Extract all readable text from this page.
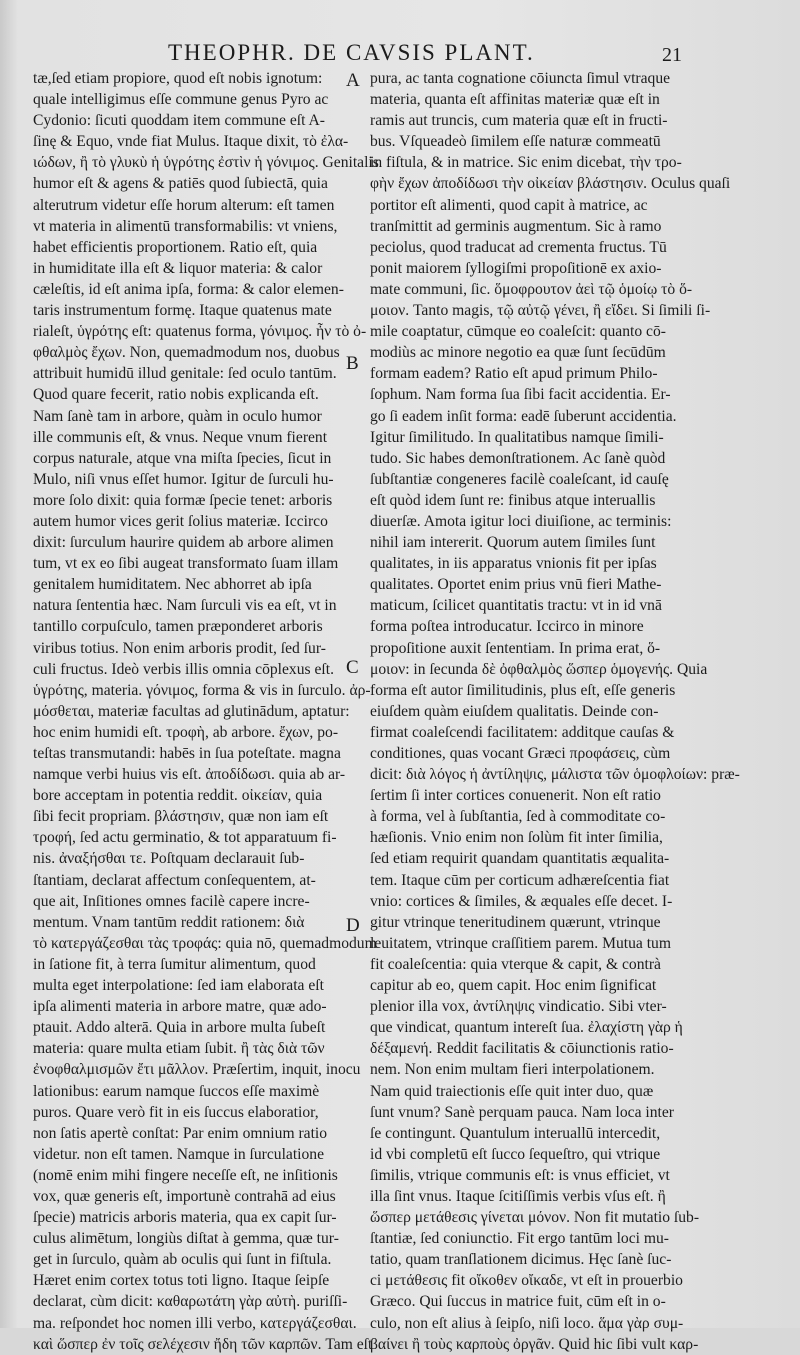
THEOPHR. DE CAVSIS PLANT.	21
tæ,ſed etiam propiore, quod eſt nobis ignotum:
quale intelligimus eſſe commune genus Pyro ac
Cydonio: ſicuti quoddam item commune eſt A-
ſinę & Equo, vnde fiat Mulus. Itaque dixit, τὸ ἐλα-
ιώδων, ἢ τὸ γλυκὺ ἡ ὑγρότης ἐστὶν ἡ γόνιμος. Genitalis
humor eſt & agens & patiēs quod ſubiectā, quia
alterutrum videtur eſſe horum alterum: eſt tamen
vt materia in alimentū transformabilis: vt vniens,
habet efficientis proportionem. Ratio eſt, quia
in humiditate illa eſt & liquor materia: & calor
cæleſtis, id eſt anima ipſa, forma: & calor elemen-
taris instrumentum formę. Itaque quatenus mate
rialeſt, ὑγρότης eſt: quatenus forma, γόνιμος. ἦν τὸ ὀ-
φθαλμὸς ἔχων. Non, quemadmodum nos, duobus
attribuit humidū illud genitale: ſed oculo tantūm.
Quod quare fecerit, ratio nobis explicanda eſt.
Nam ſanè tam in arbore, quàm in oculo humor
ille communis eſt, & vnus. Neque vnum fierent
corpus naturale, atque vna miſta ſpecies, ſicut in
Mulo, niſi vnus eſſet humor. Igitur de ſurculi hu-
more ſolo dixit: quia formæ ſpecie tenet: arboris
autem humor vices gerit ſolius materiæ. Iccirco
dixit: ſurculum haurire quidem ab arbore alimen
tum, vt ex eo ſibi augeat transformato ſuam illam
genitalem humiditatem. Nec abhorret ab ipſa
natura ſententia hæc. Nam ſurculi vis ea eſt, vt in
tantillo corpuſculo, tamen præponderet arboris
viribus totius. Non enim arboris prodit, ſed ſur-
culi fructus. Ideò verbis illis omnia cōplexus eſt.
ὑγρότης, materia. γόνιμος, forma & vis in ſurculo. ἀρ-
μόσθεται, materiæ facultas ad glutinādum, aptatur:
hoc enim humidi eſt. τροφὴ, ab arbore. ἔχων, po-
teſtas transmutandi: habēs in ſua poteſtate. magna
namque verbi huius vis eſt. ἀποδίδωσι. quia ab ar-
bore acceptam in potentia reddit. οἰκείαν, quia
ſibi fecit propriam. βλάστησιν, quæ non iam eſt
τροφή, ſed actu germinatio, & tot apparatuum fi-
nis. ἀναξήσθαι τε. Poſtquam declarauit ſub-
ſtantiam, declarat affectum conſequentem, at-
que ait, Inſitiones omnes facilè capere incre-
mentum. Vnam tantūm reddit rationem: διὰ
τὸ κατεργάζεσθαι τὰς τροφάς: quia nō, quemadmodum
in ſatione fit, à terra ſumitur alimentum, quod
multa eget interpolatione: ſed iam elaborata eſt
ipſa alimenti materia in arbore matre, quæ ado-
ptauit. Addo alterā. Quia in arbore multa ſubeſt
materia: quare multa etiam ſubit. ἢ τὰς διὰ τῶν
ἐνοφθαλμισμῶν ἔτι μᾶλλον. Præſertim, inquit, inocu
lationibus: earum namque ſuccos eſſe maximè
puros. Quare verò fit in eis ſuccus elaboratior,
non ſatis apertè conſtat: Par enim omnium ratio
videtur. non eſt tamen. Namque in ſurculatione
(nomē enim mihi fingere neceſſe eſt, ne inſitionis
vox, quæ generis eſt, importunè contrahā ad eius
ſpecie) matricis arboris materia, qua ex capit ſur-
culus alimētum, longiùs diſtat à gemma, quæ tur-
get in ſurculo, quàm ab oculis qui ſunt in fiſtula.
Hæret enim cortex totus toti ligno. Itaque ſeipſe
declarat, cùm dicit: καθαρωτάτη γὰρ αὐτὴ. puriſſi-
ma. reſpondet hoc nomen illi verbo, κατεργάζεσθαι.
καὶ ὥσπερ ἐν τοῖς σελέχεσιν ἤδη τῶν καρπῶν. Tam eſt
A
B
C
D
pura, ac tanta cognatione cōiuncta ſimul vtraque
materia, quanta eſt affinitas materiæ quæ eſt in
ramis aut truncis, cum materia quæ eſt in fructi-
bus. Vſqueadeò ſimilem eſſe naturæ commeatū
in fiſtula, & in matrice. Sic enim dicebat, τὴν τρο-
φὴν ἔχων ἀποδίδωσι τὴν οἰκείαν βλάστησιν. Oculus quaſi
portitor eſt alimenti, quod capit à matrice, ac
tranſmittit ad germinis augmentum. Sic à ramo
peciolus, quod traducat ad crementa fructus. Tū
ponit maiorem ſyllogiſmi propoſitionē ex axio-
mate communi, ſic. ὅμοφρουτον ἀεὶ τῷ ὁμοίῳ τὸ ὅ-
μοιον. Tanto magis, τῷ αὐτῷ γένει, ἢ εἴδει. Si ſimili ſi-
mile coaptatur, cūmque eo coaleſcit: quanto cō-
modiùs ac minore negotio ea quæ ſunt ſecūdūm
formam eadem? Ratio eſt apud primum Philo-
ſophum. Nam forma ſua ſibi facit accidentia. Er-
go ſi eadem inſit forma: eadē ſuberunt accidentia.
Igitur ſimilitudo. In qualitatibus namque ſimili-
tudo. Sic habes demonſtrationem. Ac ſanè quòd
ſubſtantiæ congeneres facilè coaleſcant, id cauſę
eſt quòd idem ſunt re: finibus atque interuallis
diuerſæ. Amota igitur loci diuiſione, ac terminis:
nihil iam intererit. Quorum autem ſimiles ſunt
qualitates, in iis apparatus vnionis fit per ipſas
qualitates. Oportet enim prius vnū fieri Mathe-
maticum, ſcilicet quantitatis tractu: vt in id vnā
forma poſtea introducatur. Iccirco in minore
propoſitione auxit ſententiam. In prima erat, ὅ-
μοιον: in ſecunda δὲ ὀφθαλμὸς ὥσπερ ὁμογενής. Quia
forma eſt autor ſimilitudinis, plus eſt, eſſe generis
eiuſdem quàm eiuſdem qualitatis. Deinde con-
firmat coaleſcendi facilitatem: additque cauſas &
conditiones, quas vocant Græci προφάσεις, cùm
dicit: διὰ λόγος ἡ ἀντίληψις, μάλιστα τῶν ὁμοφλοίων: præ-
ſertim ſi inter cortices conuenerit. Non eſt ratio
à forma, vel à ſubſtantia, ſed à commoditate co-
hæſionis. Vnio enim non ſolùm fit inter ſimilia,
ſed etiam requirit quandam quantitatis æqualita-
tem. Itaque cūm per corticum adhæreſcentia fiat
vnio: cortices & ſimiles, & æquales eſſe decet. I-
gitur vtrinque teneritudinem quærunt, vtrinque
leuitatem, vtrinque craſſitiem parem. Mutua tum
fit coaleſcentia: quia vterque & capit, & contrà
capitur ab eo, quem capit. Hoc enim ſignificat
plenior illa vox, ἀντίληψις vindicatio. Sibi vter-
que vindicat, quantum intereſt ſua. ἐλαχίστη γὰρ ἡ
δέξαμενή. Reddit facilitatis & cōiunctionis ratio-
nem. Non enim multam fieri interpolationem.
Nam quid traiectionis eſſe quit inter duo, quæ
ſunt vnum? Sanè perquam pauca. Nam loca inter
ſe contingunt. Quantulum interuallū intercedit,
id vbi completū eſt ſucco ſequeſtro, qui vtrique
ſimilis, vtrique communis eſt: is vnus efficiet, vt
illa ſint vnus. Itaque ſcitiſſimis verbis vſus eſt. ἢ
ὥσπερ μετάθεσις γίνεται μόνον. Non fit mutatio ſub-
ſtantiæ, ſed coniunctio. Fit ergo tantūm loci mu-
tatio, quam tranſlationem dicimus. Hęc ſanè ſuc-
ci μετάθεσις fit οἴκοθεν οἴκαδε, vt eſt in prouerbio
Græco. Qui ſuccus in matrice fuit, cūm eſt in o-
culo, non eſt alius à ſeipſo, niſi loco. ἅμα γὰρ συμ-
βαίνει ἢ τοὺς καρποὺς ὀργᾶν. Quid hic ſibi vult καρ-
